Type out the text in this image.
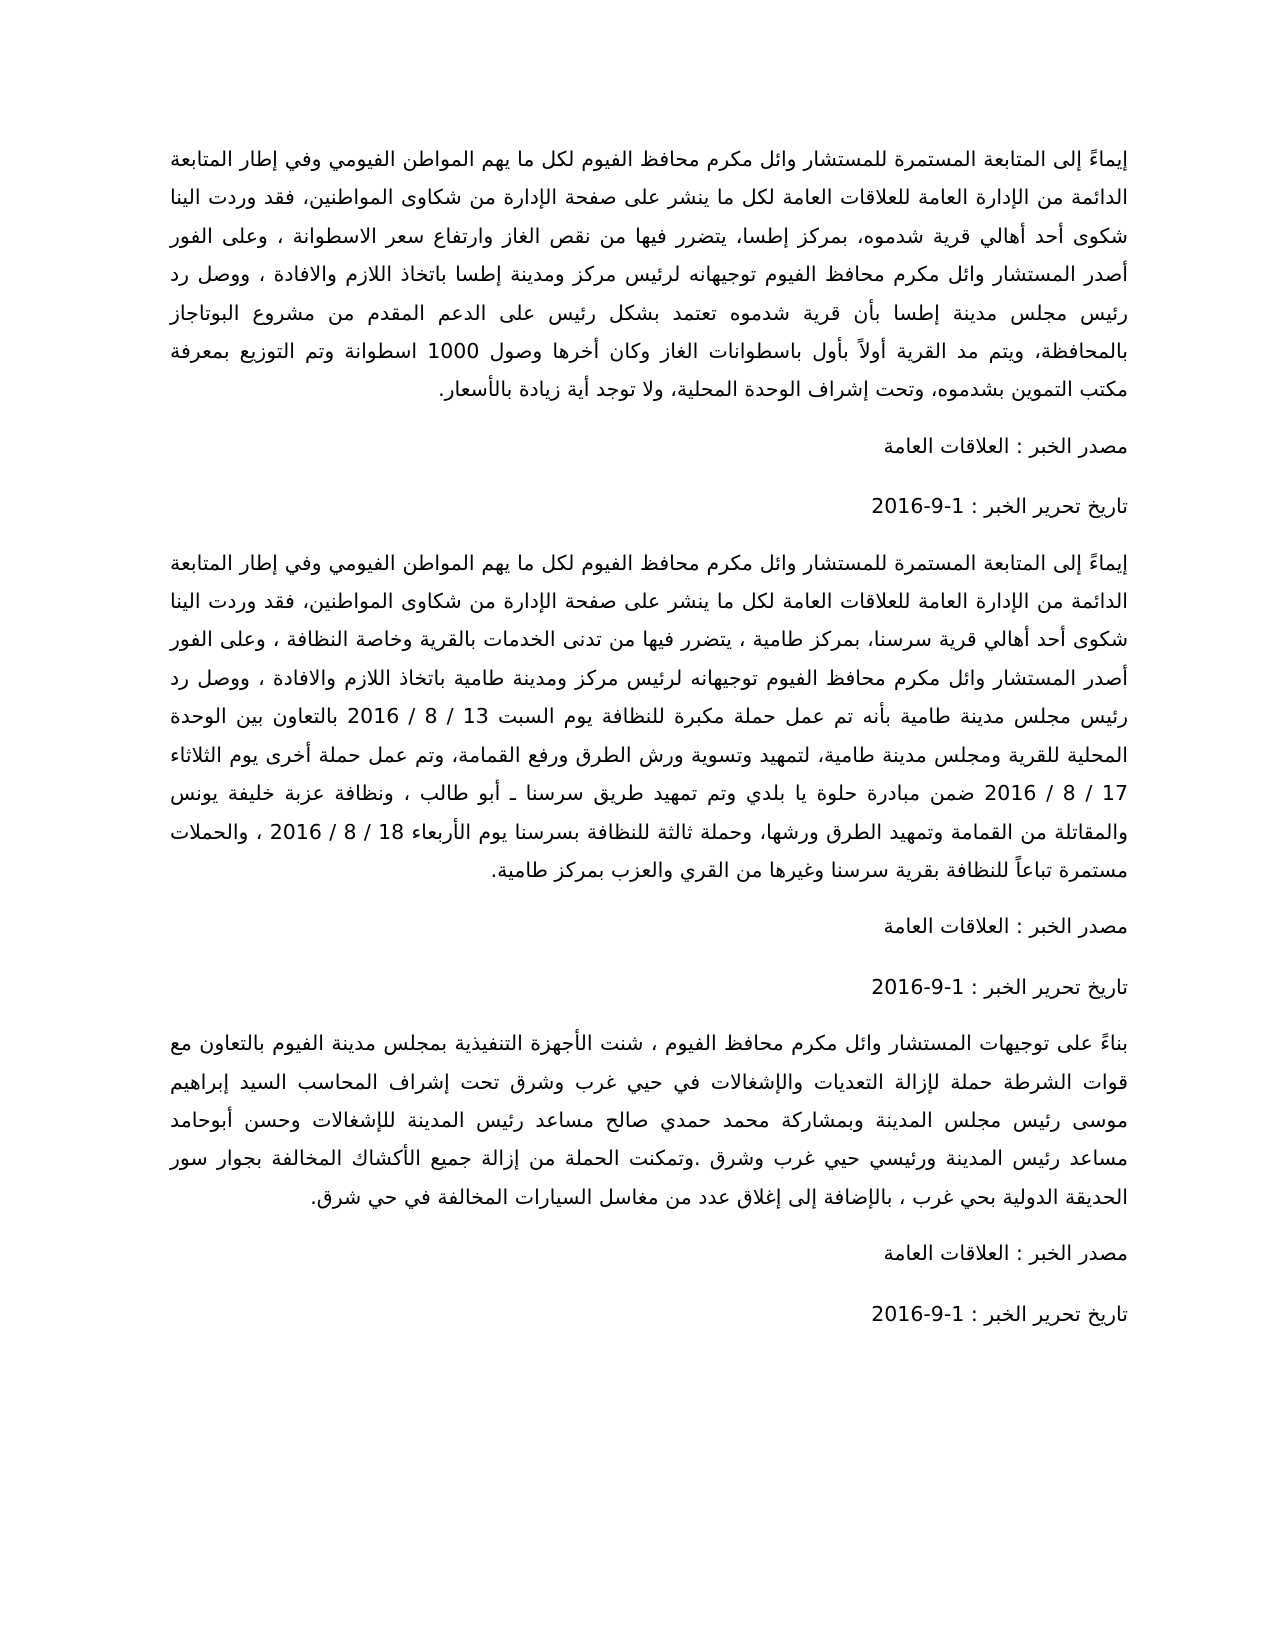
إيماءً إلى المتابعة المستمرة للمستشار وائل مكرم محافظ الفيوم لكل ما يهم المواطن الفيومي وفي إطار المتابعة الدائمة من الإدارة العامة للعلاقات العامة لكل ما ينشر على صفحة الإدارة من شكاوى المواطنين، فقد وردت الينا شكوى أحد أهالي قرية شدموه، بمركز إطسا، يتضرر فيها من نقص الغاز وارتفاع سعر الاسطوانة ، وعلى الفور أصدر المستشار وائل مكرم محافظ الفيوم توجيهانه لرئيس مركز ومدينة إطسا باتخاذ اللازم والافادة ، ووصل رد رئيس مجلس مدينة إطسا بأن قرية شدموه تعتمد بشكل رئيس على الدعم المقدم من مشروع البوتاجاز بالمحافظة، ويتم مد القرية أولاً بأول باسطوانات الغاز وكان أخرها وصول 1000 اسطوانة وتم التوزيع بمعرفة مكتب التموين بشدموه، وتحت إشراف الوحدة المحلية، ولا توجد أية زيادة بالأسعار.

مصدر الخبر : العلاقات العامة

تاريخ تحرير الخبر : 1-9-2016

إيماءً إلى المتابعة المستمرة للمستشار وائل مكرم محافظ الفيوم لكل ما يهم المواطن الفيومي وفي إطار المتابعة الدائمة من الإدارة العامة للعلاقات العامة لكل ما ينشر على صفحة الإدارة من شكاوى المواطنين، فقد وردت الينا شكوى أحد أهالي قرية سرسنا، بمركز طامية ، يتضرر فيها من تدنى الخدمات بالقرية وخاصة النظافة ، وعلى الفور أصدر المستشار وائل مكرم محافظ الفيوم توجيهانه لرئيس مركز ومدينة طامية باتخاذ اللازم والافادة ، ووصل رد رئيس مجلس مدينة طامية بأنه تم عمل حملة مكبرة للنظافة يوم السبت 13 / 8 / 2016 بالتعاون بين الوحدة المحلية للقرية ومجلس مدينة طامية، لتمهيد وتسوية ورش الطرق ورفع القمامة، وتم عمل حملة أخرى يوم الثلاثاء 17 / 8 / 2016 ضمن مبادرة حلوة يا بلدي وتم تمهيد طريق سرسنا ـ أبو طالب ، ونظافة عزبة خليفة يونس والمقاتلة من القمامة وتمهيد الطرق ورشها، وحملة ثالثة للنظافة بسرسنا يوم الأربعاء 18 / 8 / 2016 ، والحملات مستمرة تباعاً للنظافة بقرية سرسنا وغيرها من القري والعزب بمركز طامية.

مصدر الخبر : العلاقات العامة

تاريخ تحرير الخبر : 1-9-2016

بناءً على توجيهات المستشار وائل مكرم محافظ الفيوم ، شنت الأجهزة التنفيذية بمجلس مدينة الفيوم بالتعاون مع قوات الشرطة حملة لإزالة التعديات والإشغالات في حيي غرب وشرق تحت إشراف المحاسب السيد إبراهيم موسى رئيس مجلس المدينة وبمشاركة محمد حمدي صالح مساعد رئيس المدينة للإشغالات وحسن أبوحامد مساعد رئيس المدينة ورئيسي حيي غرب وشرق .وتمكنت الحملة من إزالة جميع الأكشاك المخالفة بجوار سور الحديقة الدولية بحي غرب ، بالإضافة إلى إغلاق عدد من مغاسل السيارات المخالفة في حي شرق.

مصدر الخبر : العلاقات العامة

تاريخ تحرير الخبر : 1-9-2016
